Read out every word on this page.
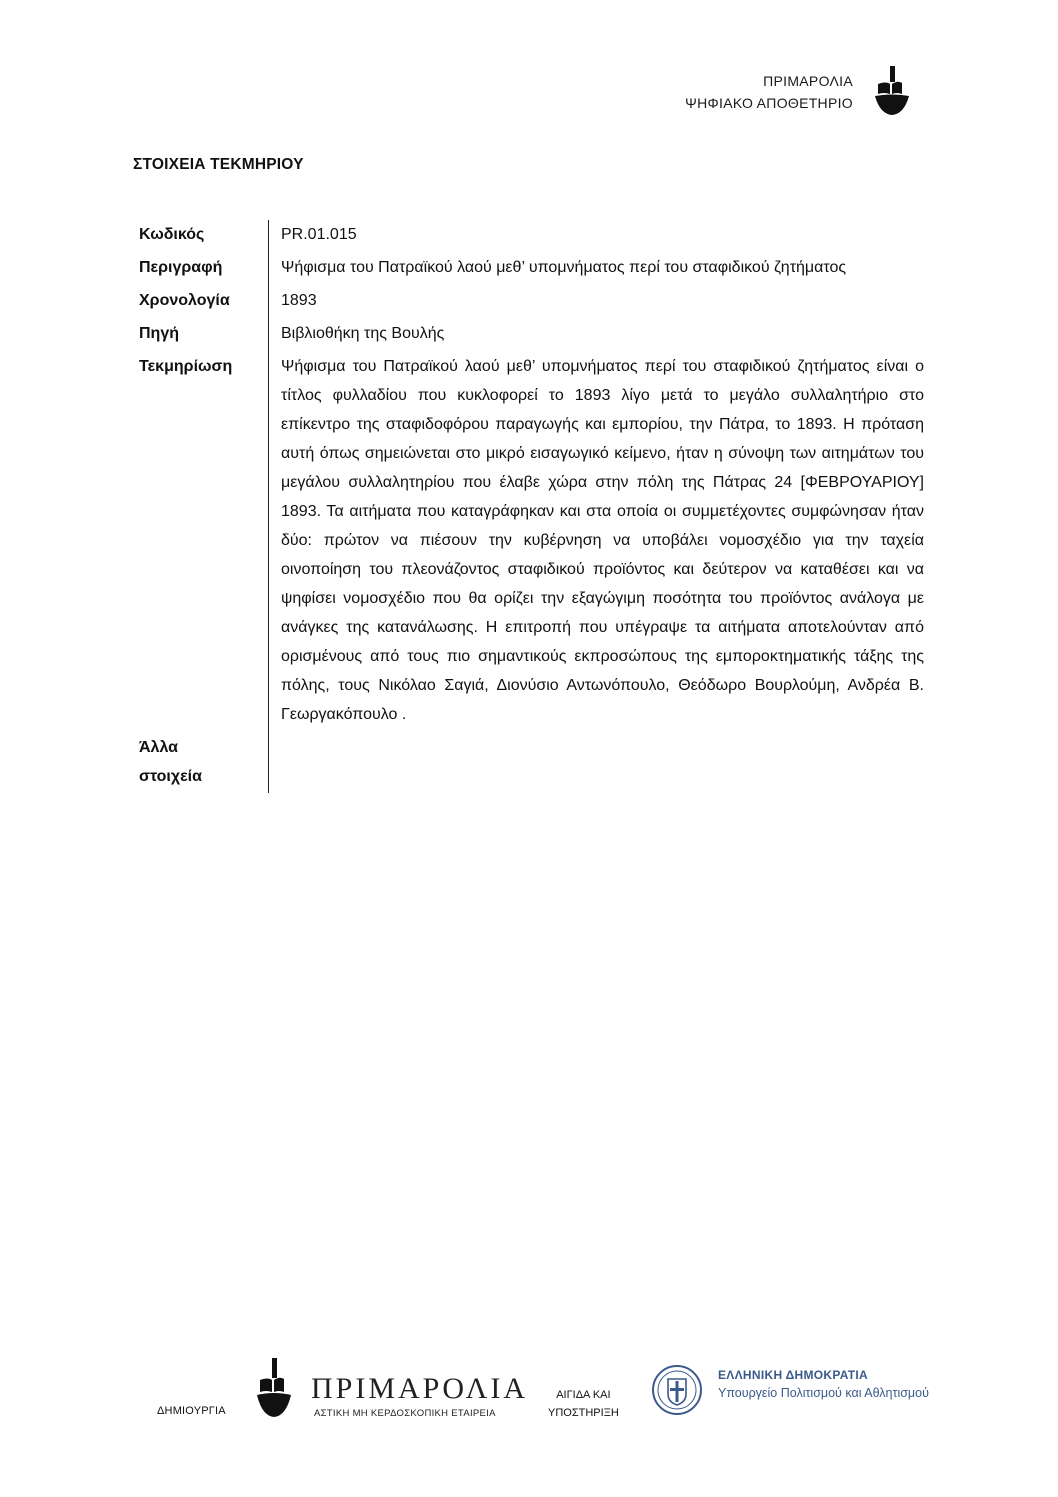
ΠΡΙΜΑΡΟΛΙΑ
ΨΗΦΙΑΚΟ ΑΠΟΘΕΤΗΡΙΟ
ΣΤΟΙΧΕΙΑ ΤΕΚΜΗΡΙΟΥ
Κωδικός	PR.01.015
Περιγραφή	Ψήφισμα του Πατραϊκού λαού μεθ’ υπομνήματος περί του σταφιδικού ζητήματος
Χρονολογία	1893
Πηγή	Βιβλιοθήκη της Βουλής
Τεκμηρίωση	Ψήφισμα του Πατραϊκού λαού μεθ’ υπομνήματος περί του σταφιδικού ζητήματος είναι ο τίτλος φυλλαδίου που κυκλοφορεί το 1893 λίγο μετά το μεγάλο συλλαλητήριο στο επίκεντρο της σταφιδοφόρου παραγωγής και εμπορίου, την Πάτρα, το 1893. Η πρόταση αυτή όπως σημειώνεται στο μικρό εισαγωγικό κείμενο, ήταν η σύνοψη των αιτημάτων του μεγάλου συλλαλητηρίου που έλαβε χώρα στην πόλη της Πάτρας 24 [ΦΕΒΡΟΥΑΡΙΟΥ] 1893. Τα αιτήματα που καταγράφηκαν και στα οποία οι συμμετέχοντες συμφώνησαν ήταν δύο: πρώτον να πιέσουν την κυβέρνηση να υποβάλει νομοσχέδιο για την ταχεία οινοποίηση του πλεονάζοντος σταφιδικού προϊόντος και δεύτερον να καταθέσει και να ψηφίσει νομοσχέδιο που θα ορίζει την εξαγώγιμη ποσότητα του προϊόντος ανάλογα με ανάγκες της κατανάλωσης. Η επιτροπή που υπέγραψε τα αιτήματα αποτελούνταν από ορισμένους από τους πιο σημαντικούς εκπροσώπους της εμποροκτηματικής τάξης της πόλης, τους Νικόλαο Σαγιά, Διονύσιο Αντωνόπουλο, Θεόδωρο Βουρλούμη, Ανδρέα Β. Γεωργακόπουλο .
Άλλα
στοιχεία
ΔΗΜΙΟΥΡΓΙΑ
ΠΡΙΜΑΡΟΛΙΑ
ΑΣΤΙΚΗ ΜΗ ΚΕΡΔΟΣΚΟΠΙΚΗ ΕΤΑΙΡΕΙΑ
ΑΙΓΙΔΑ ΚΑΙ
ΥΠΟΣΤΗΡΙΞΗ
ΕΛΛΗΝΙΚΗ ΔΗΜΟΚΡΑΤΙΑ
Υπουργείο Πολιτισμού και Αθλητισμού
